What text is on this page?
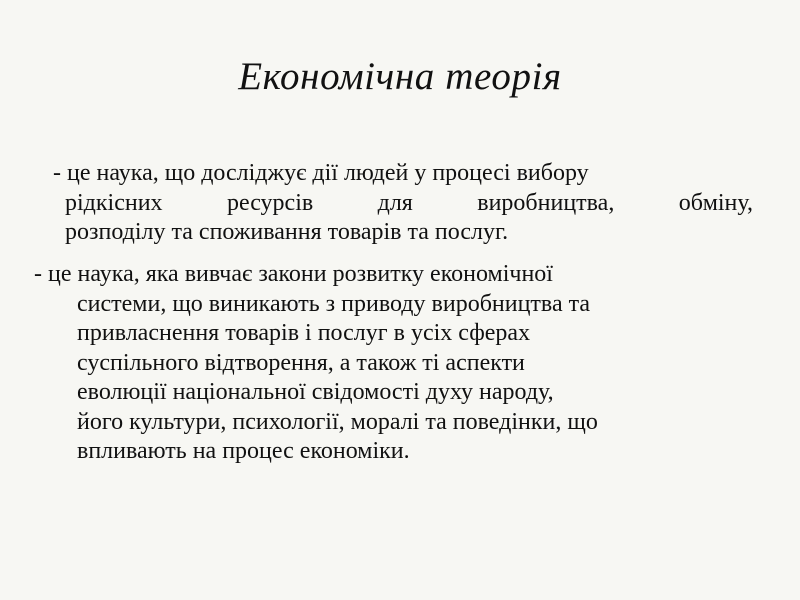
Економічна теорія
- це наука, що досліджує дії людей у процесі вибору
рідкісних ресурсів для виробництва, обміну,
розподілу та споживання товарів та послуг.
- це наука, яка вивчає закони розвитку економічної
системи, що виникають з приводу виробництва та
привласнення товарів і послуг в усіх сферах
суспільного відтворення, а також ті аспекти
еволюції національної свідомості духу народу,
його культури, психології, моралі та поведінки, що
впливають на процес економіки.
